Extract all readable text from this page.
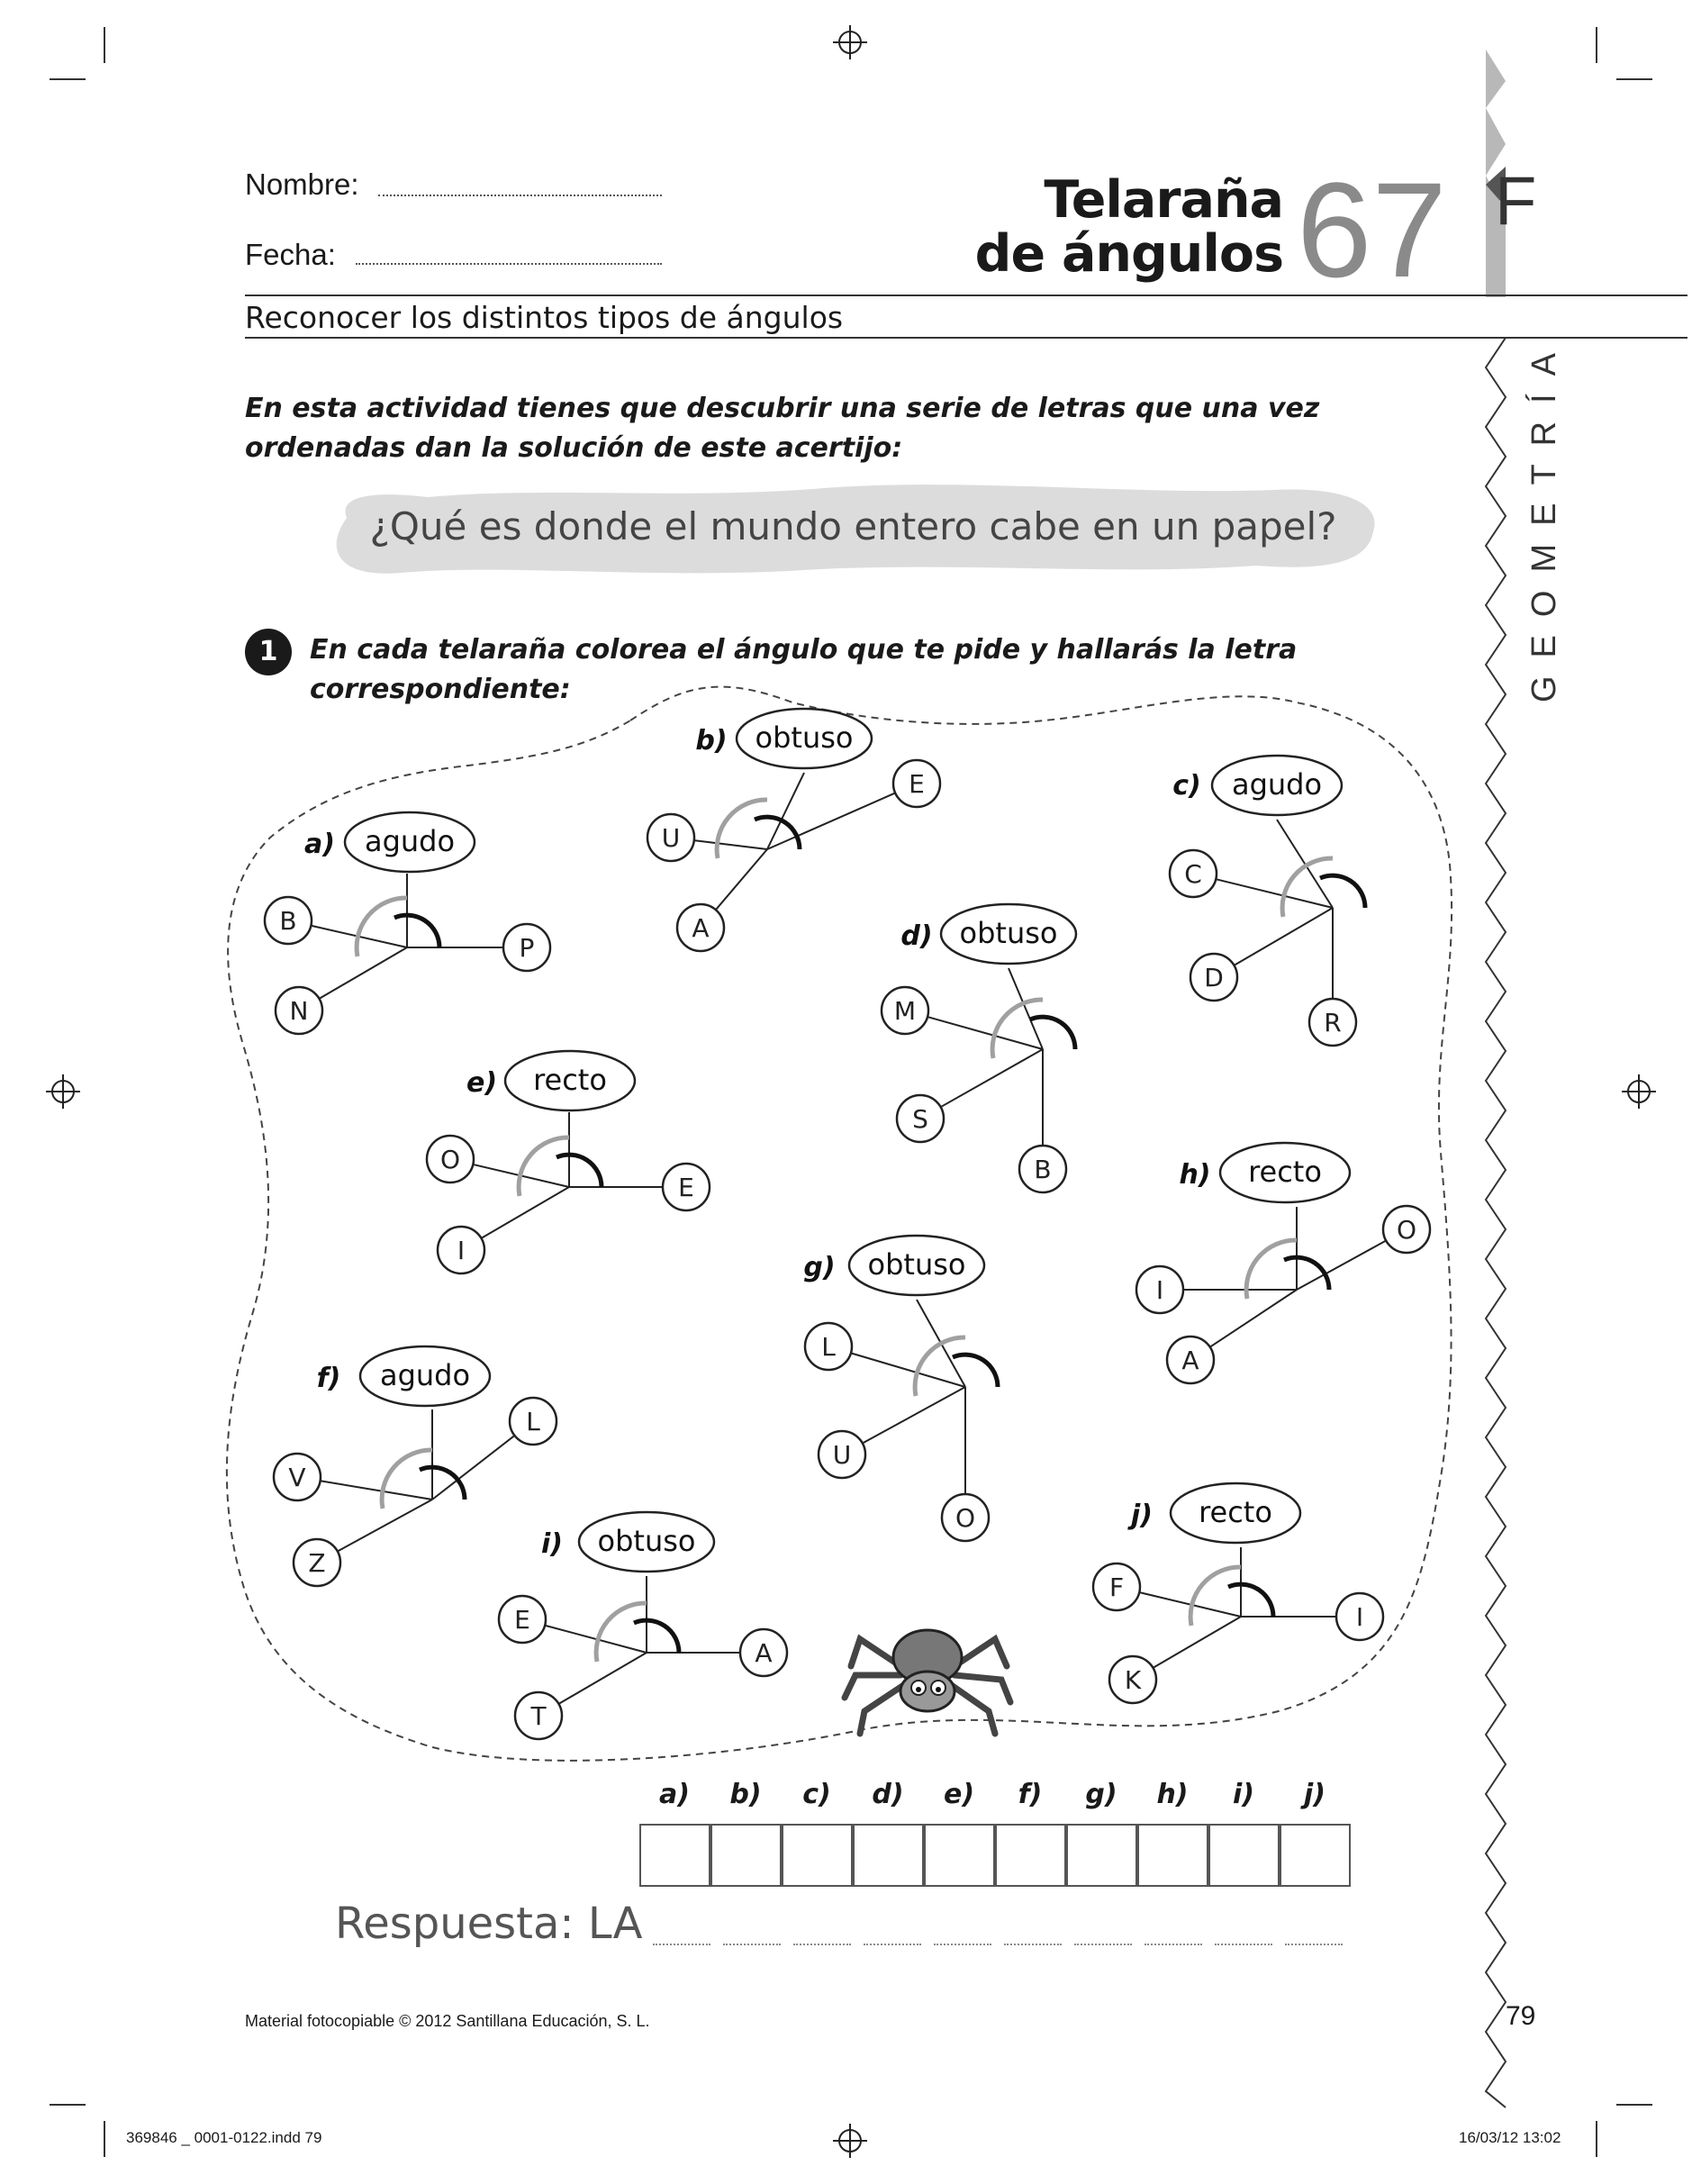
Nombre:
Fecha:
Telaraña
de ángulos 67 F
Reconocer los distintos tipos de ángulos
GEOMETRÍA
En esta actividad tienes que descubrir una serie de letras que una vez
ordenadas dan la solución de este acertijo:
¿Qué es donde el mundo entero cabe en un papel?
1	En cada telaraña colorea el ángulo que te pide y hallarás la letra
correspondiente:
B
P
N
a) agudo	U
E
A
b) obtuso
C
D
R
c) agudo
M
S
B
d) obtuso
O
E
I
e) recto
L
V
Z
f) agudo
L
U
O
g) obtuso
O
I
A
h) recto
E
A
T
i) obtuso
F
I
K
j) recto
a)	b)	c)	d)	e)	f)	g)	h)	i)	j)
Respuesta: LA
Material fotocopiable © 2012 Santillana Educación, S. L.	79
369846 _ 0001-0122.indd 79	16/03/12 13:02
